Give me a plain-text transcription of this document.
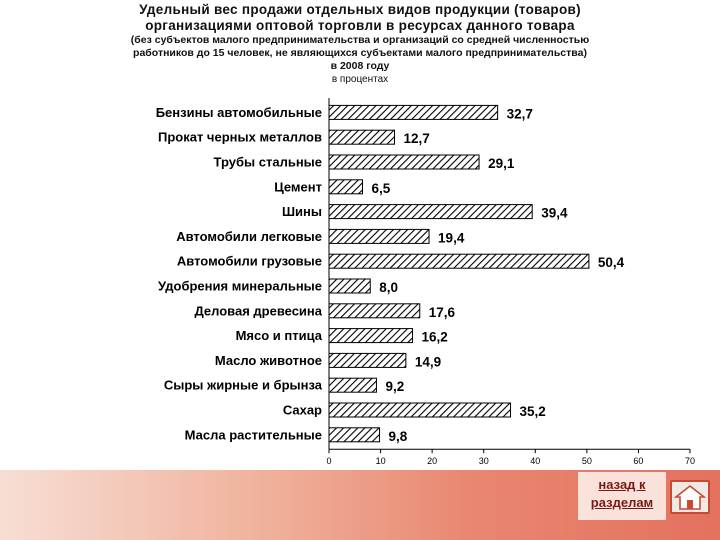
Удельный вес продажи отдельных видов продукции (товаров)
организациями оптовой торговли в ресурсах данного товара
(без субъектов малого предпринимательства и организаций со средней численностью
работников до 15 человек, не являющихся субъектами малого предпринимательства)
в 2008 году
в процентах
Бензины автомобильные	32,7
Прокат черных металлов	12,7
Трубы стальные	29,1
Цемент	6,5
Шины	39,4
Автомобили легковые	19,4
Автомобили грузовые	50,4
Удобрения минеральные	8,0
Деловая древесина	17,6
Мясо и птица	16,2
Масло животное	14,9
Сыры жирные и брынза	9,2
Сахар	35,2
Масла растительные	9,8
0	10	20	30	40	50	60	70
назад к
разделам
